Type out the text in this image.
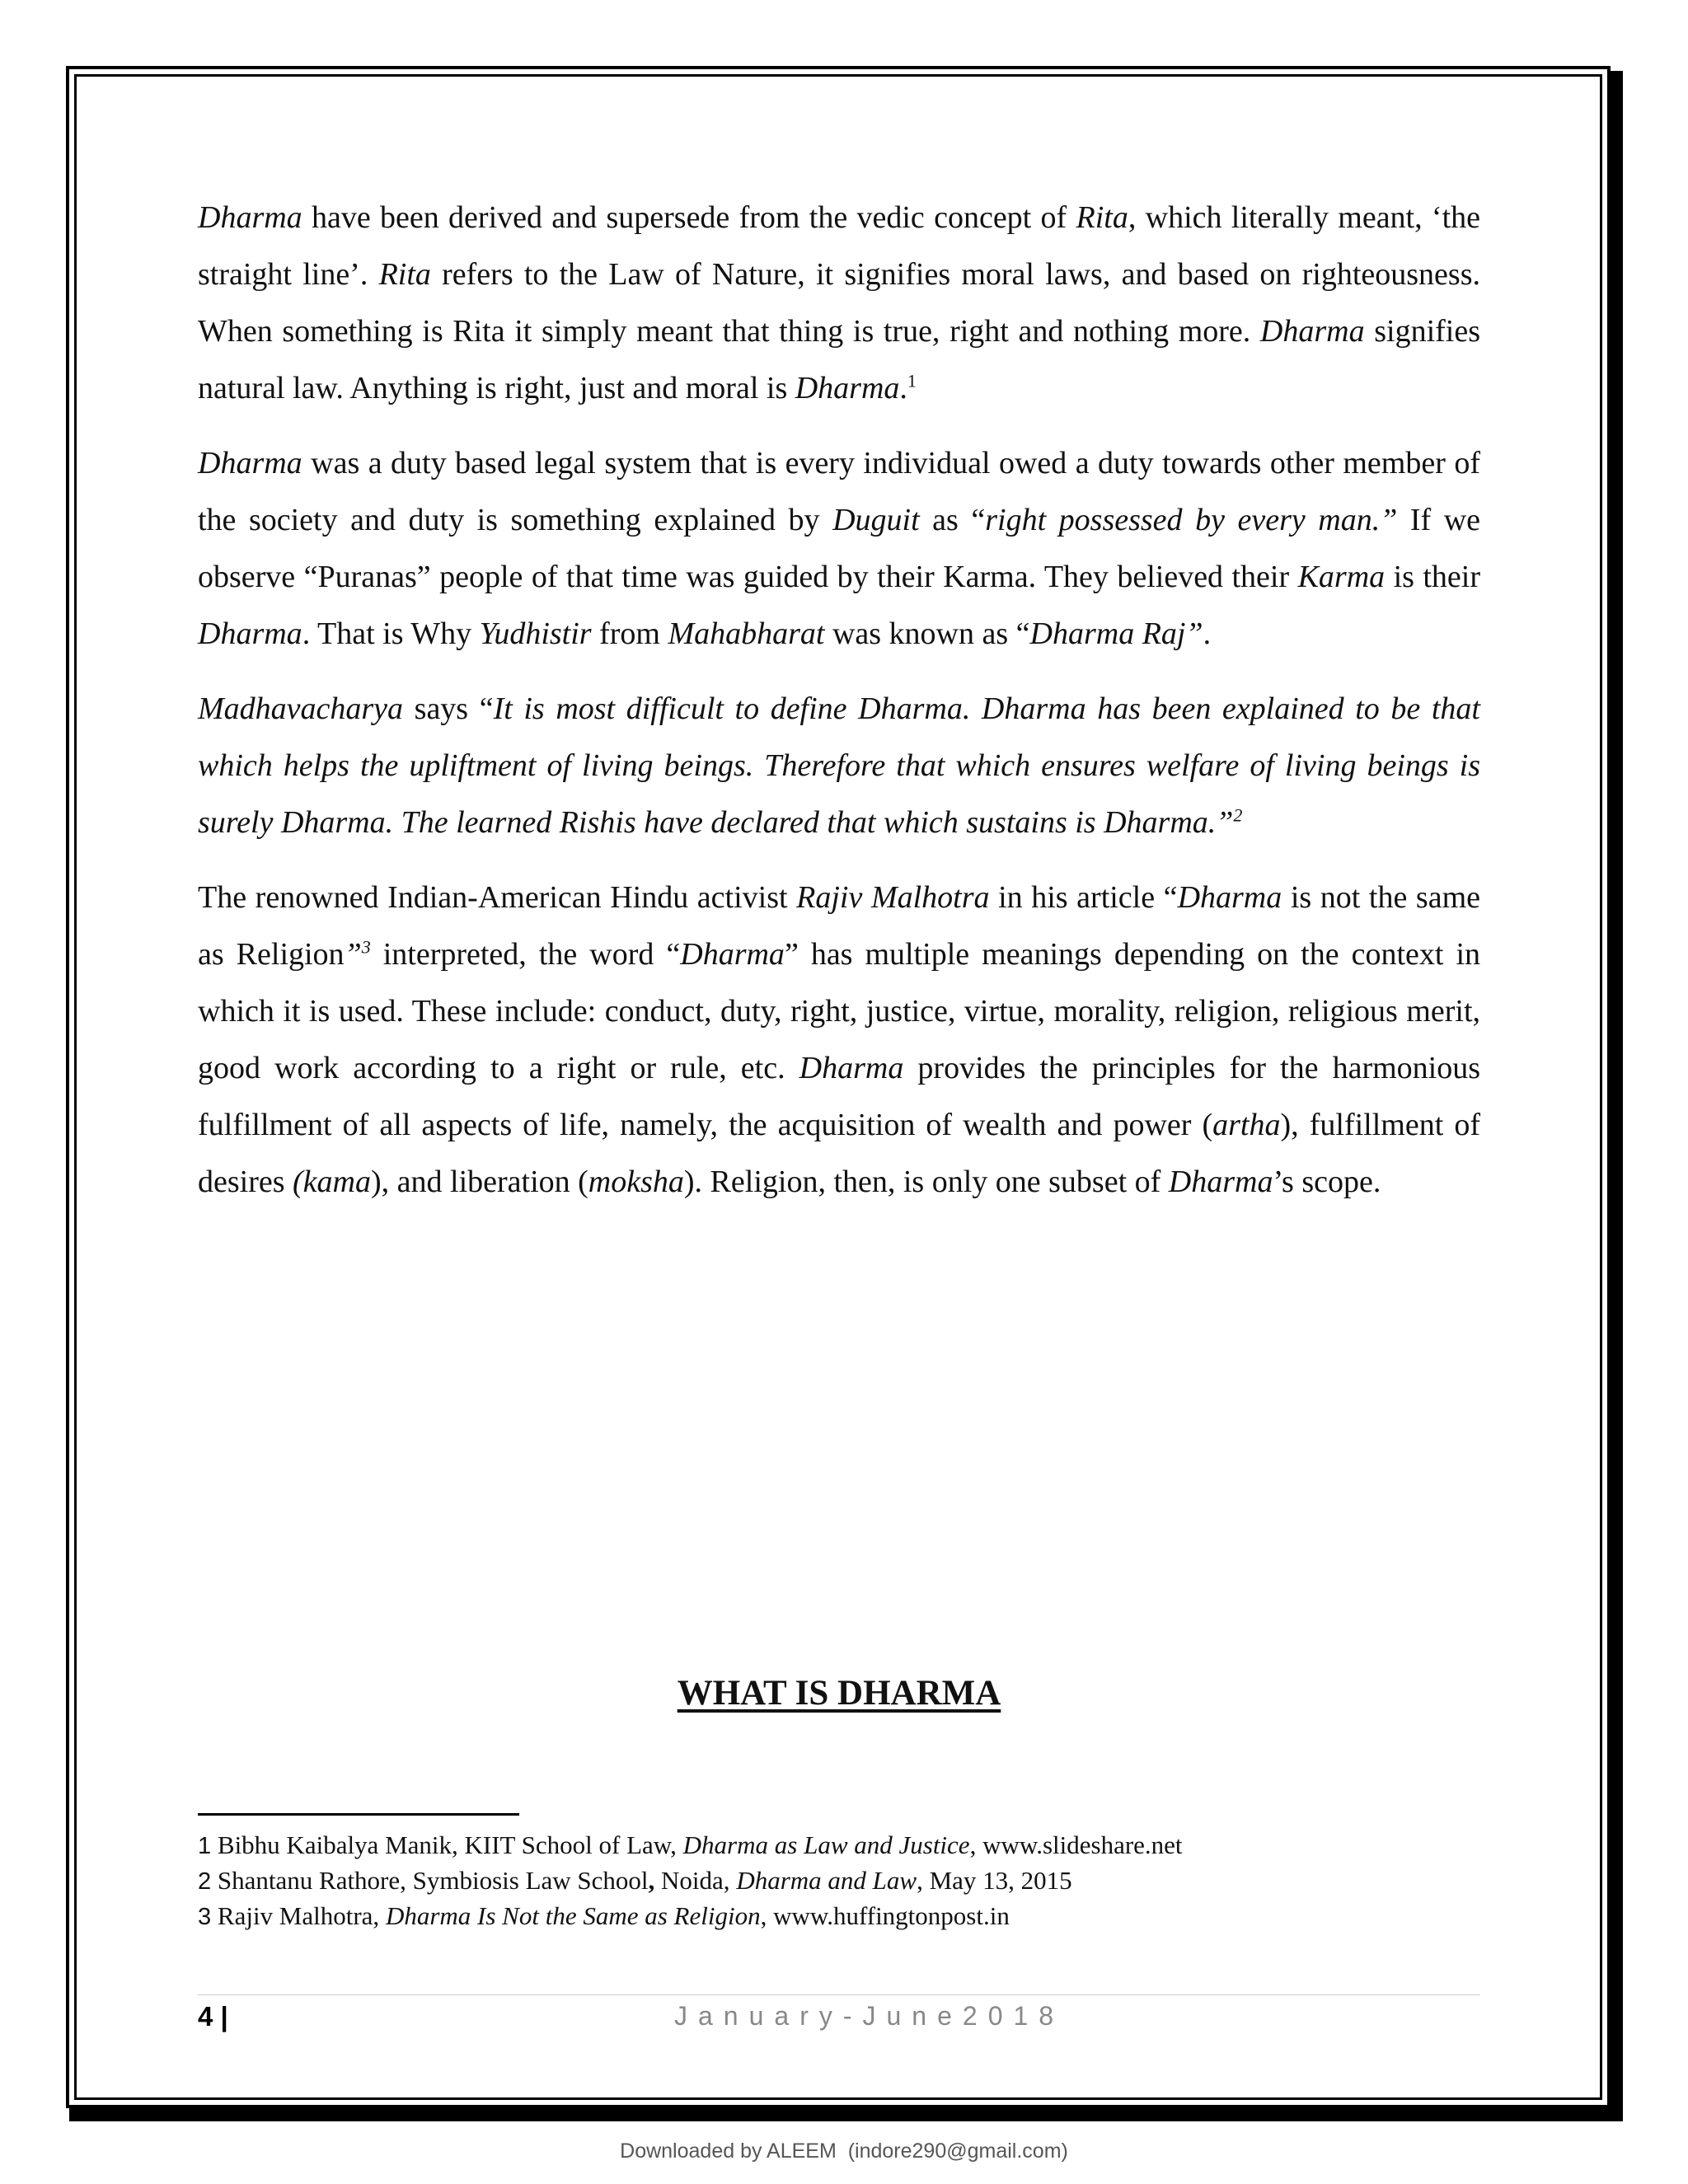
Dharma have been derived and supersede from the vedic concept of Rita, which literally meant, ‘the straight line’. Rita refers to the Law of Nature, it signifies moral laws, and based on righteousness. When something is Rita it simply meant that thing is true, right and nothing more. Dharma signifies natural law. Anything is right, just and moral is Dharma.$^1$

Dharma was a duty based legal system that is every individual owed a duty towards other member of the society and duty is something explained by Duguit as “right possessed by every man.” If we observe “Puranas” people of that time was guided by their Karma. They believed their Karma is their Dharma. That is Why Yudhistir from Mahabharat was known as “Dharma Raj”.

Madhavacharya says “It is most difficult to define Dharma. Dharma has been explained to be that which helps the upliftment of living beings. Therefore that which ensures welfare of living beings is surely Dharma. The learned Rishis have declared that which sustains is Dharma.”$^2$

The renowned Indian-American Hindu activist Rajiv Malhotra in his article “Dharma is not the same as Religion”$^3$ interpreted, the word “Dharma” has multiple meanings depending on the context in which it is used. These include: conduct, duty, right, justice, virtue, morality, religion, religious merit, good work according to a right or rule, etc. Dharma provides the principles for the harmonious fulfillment of all aspects of life, namely, the acquisition of wealth and power (artha), fulfillment of desires (kama), and liberation (moksha). Religion, then, is only one subset of Dharma’s scope.

WHAT IS DHARMA
1 Bibhu Kaibalya Manik, KIIT School of Law, Dharma as Law and Justice, www.slideshare.net
2 Shantanu Rathore, Symbiosis Law School, Noida, Dharma and Law, May 13, 2015
3 Rajiv Malhotra, Dharma Is Not the Same as Religion, www.huffingtonpost.in
4 |	January-June2018
Downloaded by ALEEM  (indore290@gmail.com)
